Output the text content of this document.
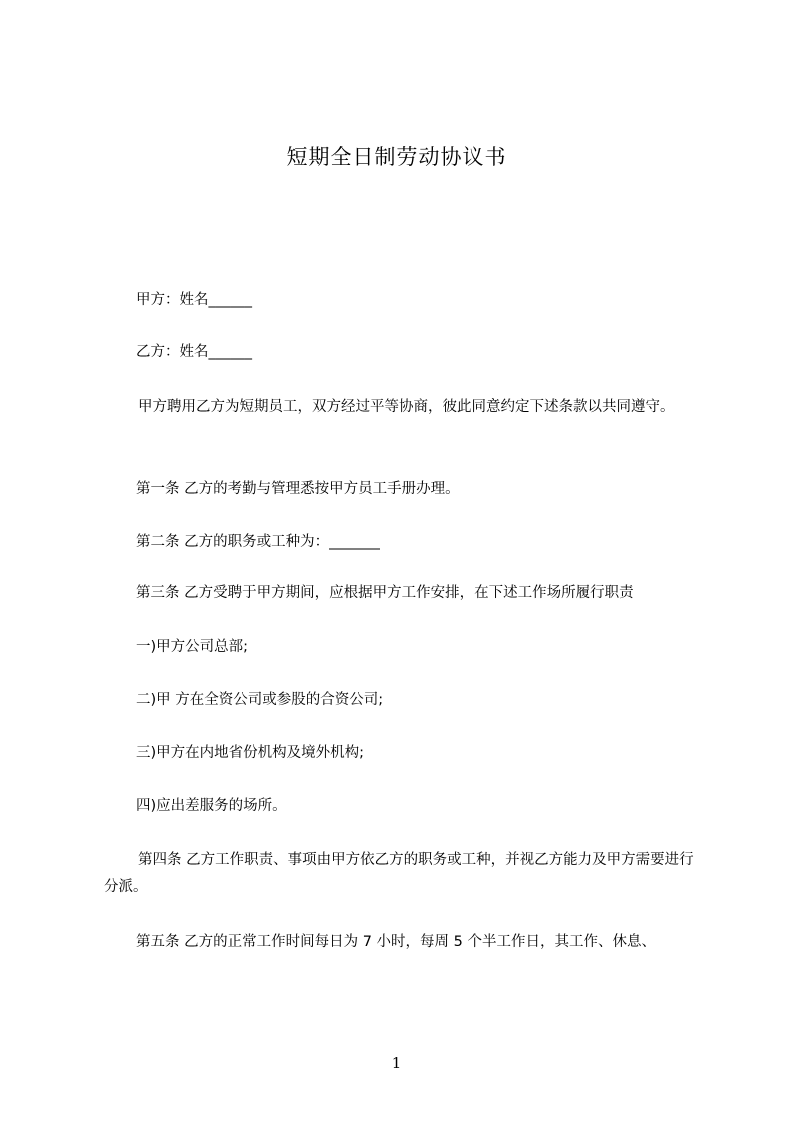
短期全日制劳动协议书
甲方：姓名______
乙方：姓名______
甲方聘用乙方为短期员工，双方经过平等协商，彼此同意约定下述条款以共同遵守。
第一条 乙方的考勤与管理悉按甲方员工手册办理。
第二条 乙方的职务或工种为：_______
第三条 乙方受聘于甲方期间，应根据甲方工作安排，在下述工作场所履行职责
一)甲方公司总部;
二)甲 方在全资公司或参股的合资公司;
三)甲方在内地省份机构及境外机构;
四)应出差服务的场所。
第四条 乙方工作职责、事项由甲方依乙方的职务或工种，并视乙方能力及甲方需要进行分派。
第五条 乙方的正常工作时间每日为 7 小时，每周 5 个半工作日，其工作、休息、
1
